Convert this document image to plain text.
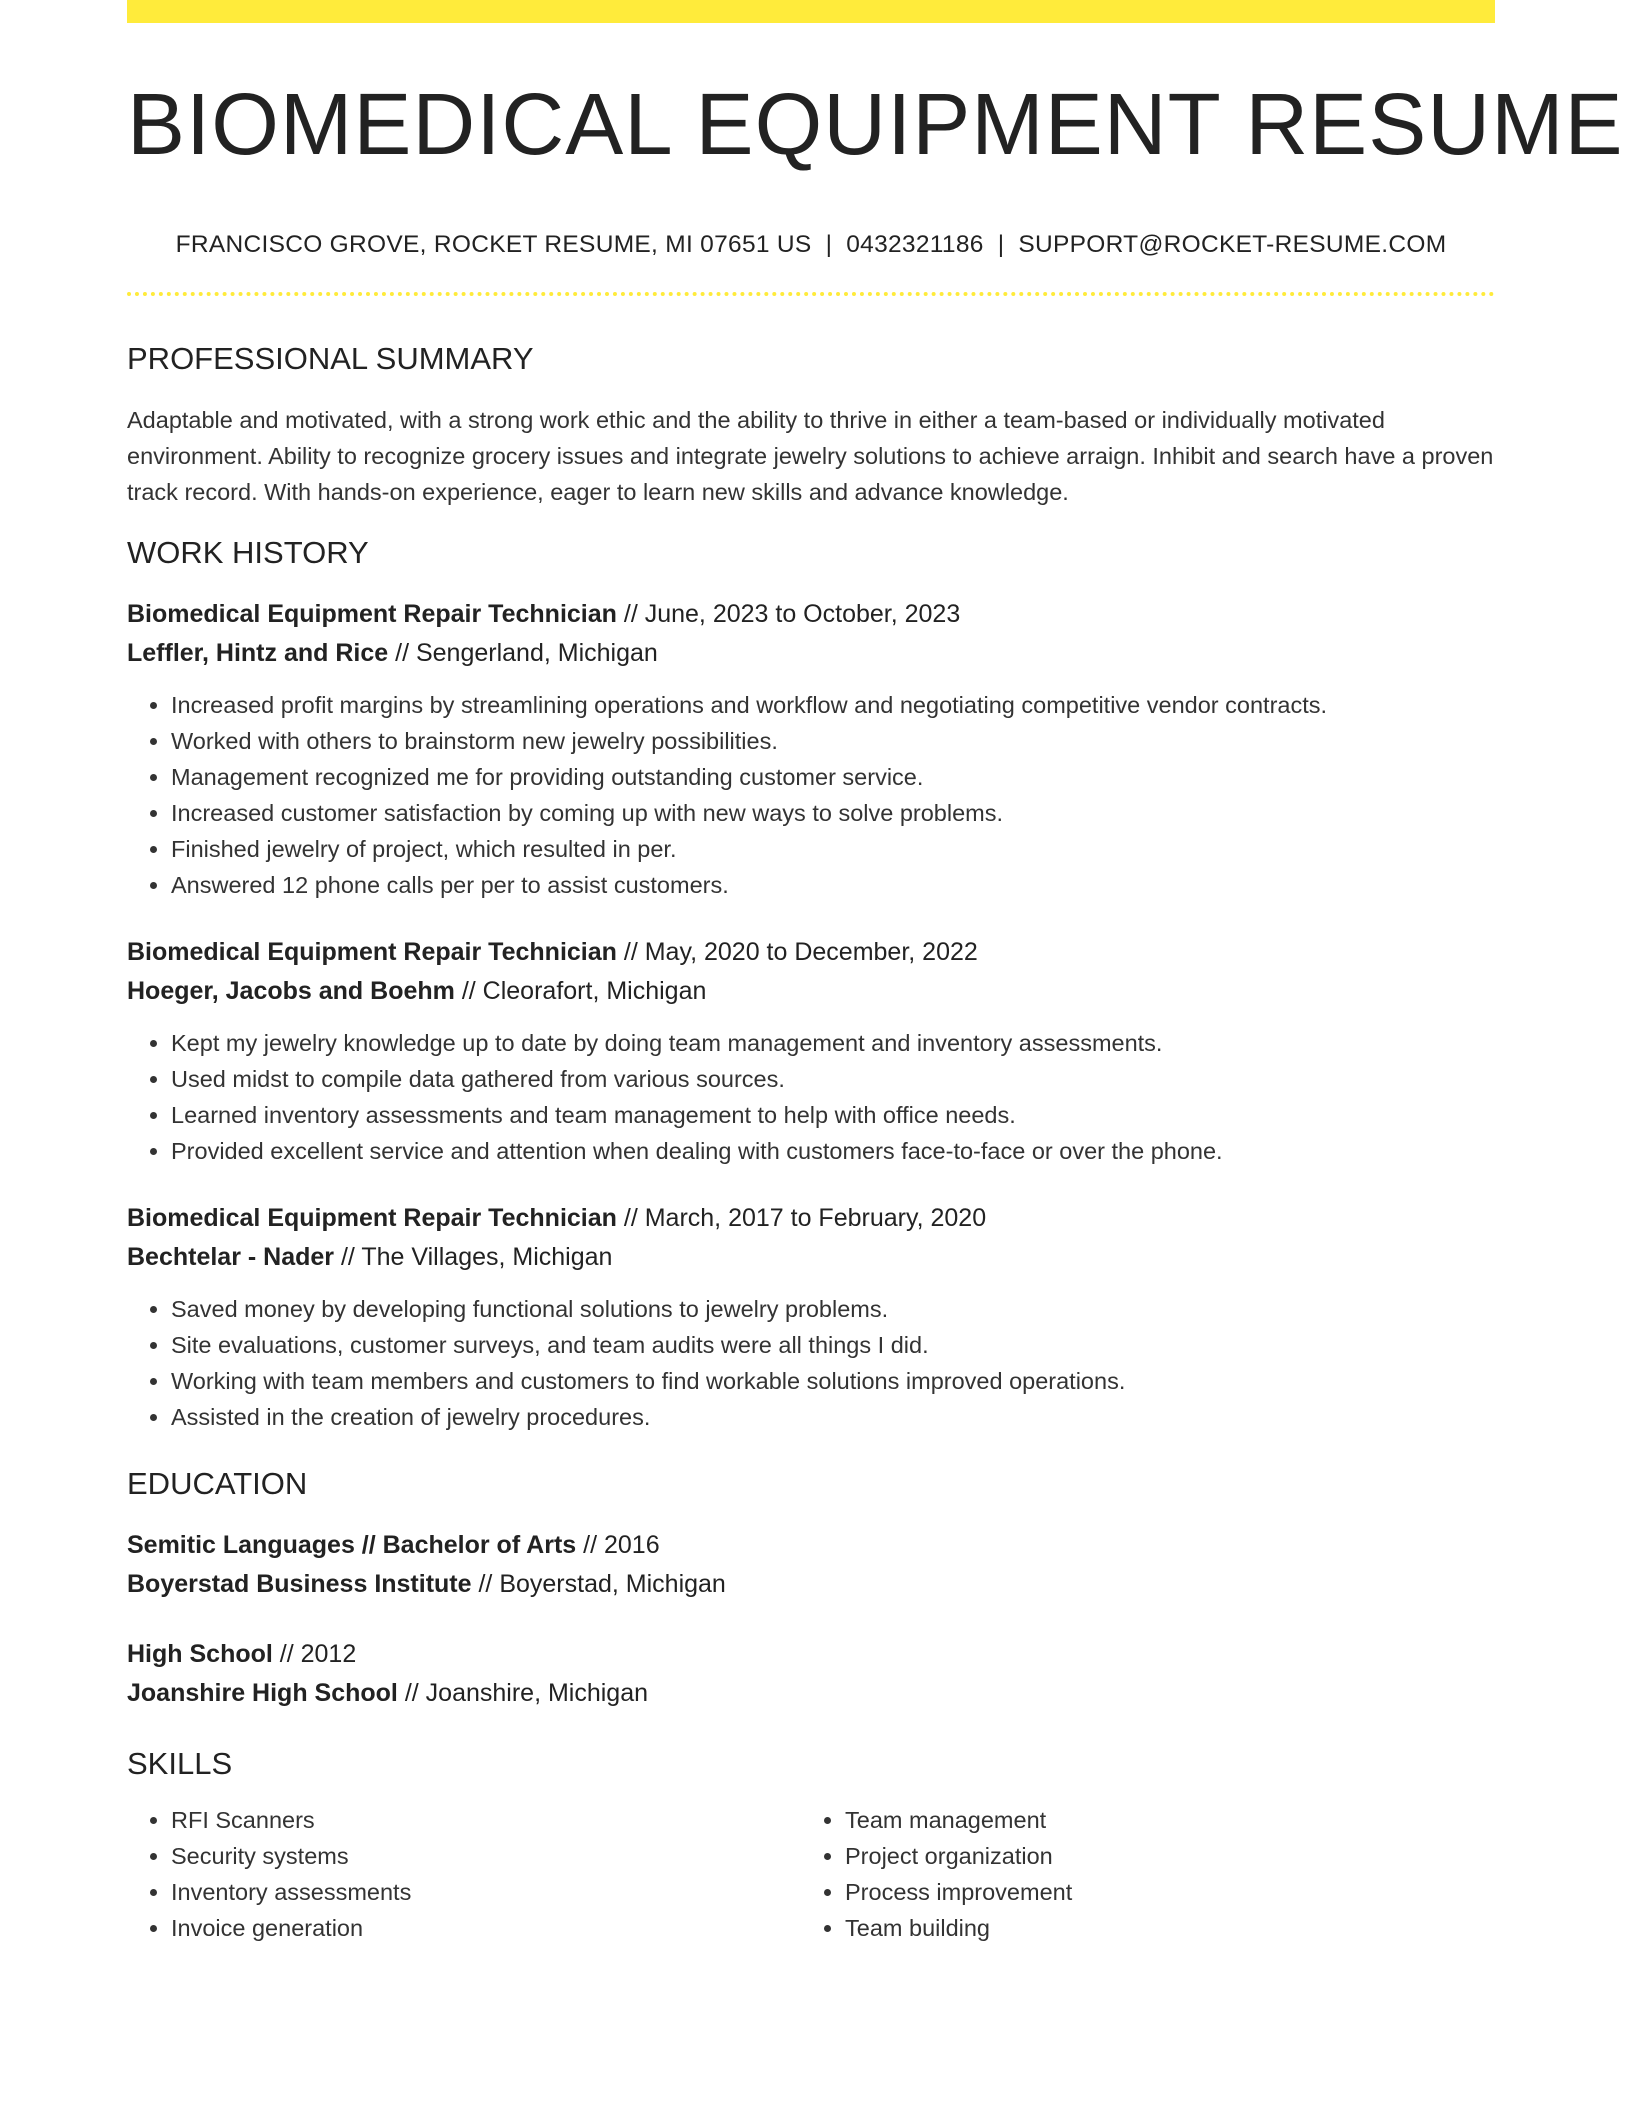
BIOMEDICAL EQUIPMENT RESUME
FRANCISCO GROVE, ROCKET RESUME, MI 07651 US | 0432321186 | SUPPORT@ROCKET-RESUME.COM
PROFESSIONAL SUMMARY

Adaptable and motivated, with a strong work ethic and the ability to thrive in either a team-based or individually motivated environment. Ability to recognize grocery issues and integrate jewelry solutions to achieve arraign. Inhibit and search have a proven track record. With hands-on experience, eager to learn new skills and advance knowledge.

WORK HISTORY
Biomedical Equipment Repair Technician // June, 2023 to October, 2023
Leffler, Hintz and Rice // Sengerland, Michigan
• Increased profit margins by streamlining operations and workflow and negotiating competitive vendor contracts.
• Worked with others to brainstorm new jewelry possibilities.
• Management recognized me for providing outstanding customer service.
• Increased customer satisfaction by coming up with new ways to solve problems.
• Finished jewelry of project, which resulted in per.
• Answered 12 phone calls per per to assist customers.
Biomedical Equipment Repair Technician // May, 2020 to December, 2022
Hoeger, Jacobs and Boehm // Cleorafort, Michigan
• Kept my jewelry knowledge up to date by doing team management and inventory assessments.
• Used midst to compile data gathered from various sources.
• Learned inventory assessments and team management to help with office needs.
• Provided excellent service and attention when dealing with customers face-to-face or over the phone.
Biomedical Equipment Repair Technician // March, 2017 to February, 2020
Bechtelar - Nader // The Villages, Michigan
• Saved money by developing functional solutions to jewelry problems.
• Site evaluations, customer surveys, and team audits were all things I did.
• Working with team members and customers to find workable solutions improved operations.
• Assisted in the creation of jewelry procedures.
EDUCATION
Semitic Languages // Bachelor of Arts // 2016
Boyerstad Business Institute // Boyerstad, Michigan
High School // 2012
Joanshire High School // Joanshire, Michigan
SKILLS
• RFI Scanners
• Security systems
• Inventory assessments
• Invoice generation
• Team management
• Project organization
• Process improvement
• Team building
